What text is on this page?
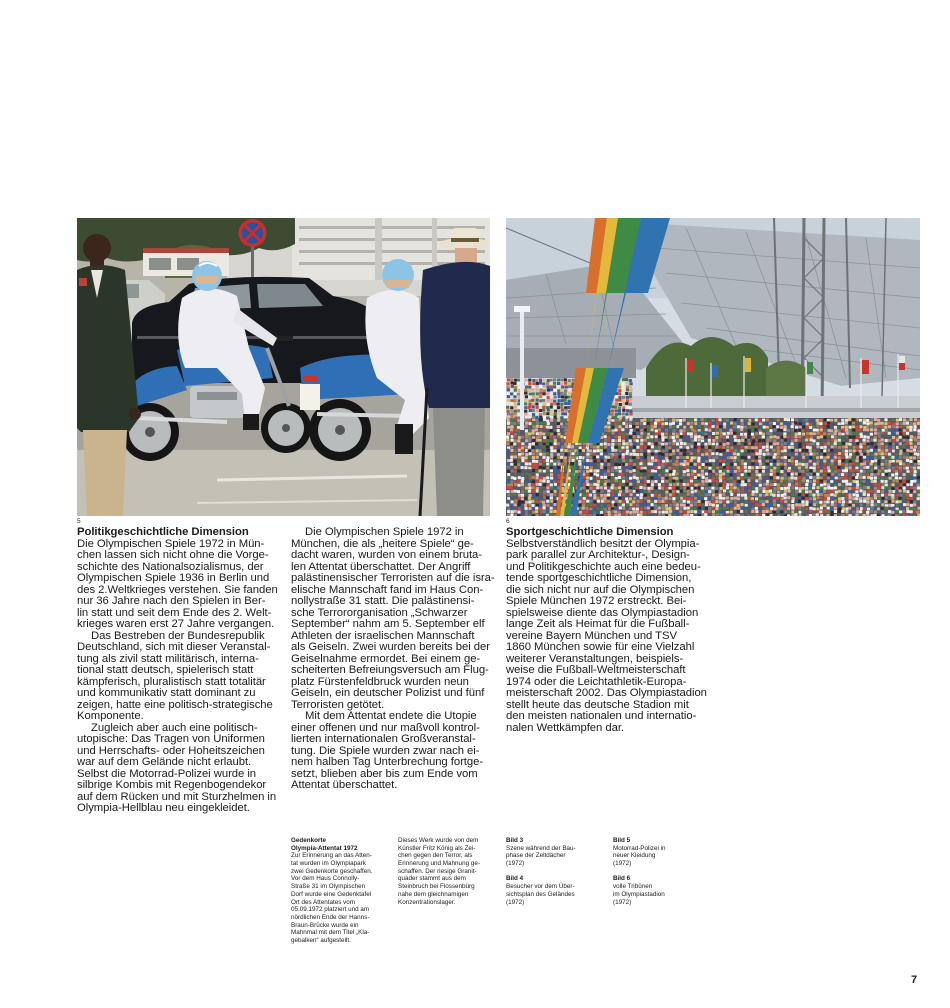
5	6
Politikgeschichtliche Dimension
Die Olympischen Spiele 1972 in Mün-
chen lassen sich nicht ohne die Vorge-
schichte des Nationalsozialismus, der
Olympischen Spiele 1936 in Berlin und
des 2.Weltkrieges verstehen. Sie fanden
nur 36 Jahre nach den Spielen in Ber-
lin statt und seit dem Ende des 2. Welt-
krieges waren erst 27 Jahre vergangen.
Das Bestreben der Bundesrepublik
Deutschland, sich mit dieser Veranstal-
tung als zivil statt militärisch, interna-
tional statt deutsch, spielerisch statt
kämpferisch, pluralistisch statt totalitär
und kommunikativ statt dominant zu
zeigen, hatte eine politisch-strategische
Komponente.
Zugleich aber auch eine politisch-
utopische: Das Tragen von Uniformen
und Herrschafts- oder Hoheitszeichen
war auf dem Gelände nicht erlaubt.
Selbst die Motorrad-Polizei wurde in
silbrige Kombis mit Regenbogendekor
auf dem Rücken und mit Sturzhelmen in
Olympia-Hellblau neu eingekleidet.
Die Olympischen Spiele 1972 in
München, die als „heitere Spiele“ ge-
dacht waren, wurden von einem bruta-
len Attentat überschattet. Der Angriff
palästinensischer Terroristen auf die isra-
elische Mannschaft fand im Haus Con-
nollystraße 31 statt. Die palästinensi-
sche Terrororganisation „Schwarzer
September“ nahm am 5. September elf
Athleten der israelischen Mannschaft
als Geiseln. Zwei wurden bereits bei der
Geiselnahme ermordet. Bei einem ge-
scheiterten Befreiungsversuch am Flug-
platz Fürstenfeldbruck wurden neun
Geiseln, ein deutscher Polizist und fünf
Terroristen getötet.
Mit dem Attentat endete die Utopie
einer offenen und nur maßvoll kontrol-
lierten internationalen Großveranstal-
tung. Die Spiele wurden zwar nach ei-
nem halben Tag Unterbrechung fortge-
setzt, blieben aber bis zum Ende vom
Attentat überschattet.
Sportgeschichtliche Dimension
Selbstverständlich besitzt der Olympia-
park parallel zur Architektur-, Design-
und Politikgeschichte auch eine bedeu-
tende sportgeschichtliche Dimension,
die sich nicht nur auf die Olympischen
Spiele München 1972 erstreckt. Bei-
spielsweise diente das Olympiastadion
lange Zeit als Heimat für die Fußball-
vereine Bayern München und TSV
1860 München sowie für eine Vielzahl
weiterer Veranstaltungen, beispiels-
weise die Fußball-Weltmeisterschaft
1974 oder die Leichtathletik-Europa-
meisterschaft 2002. Das Olympiastadion
stellt heute das deutsche Stadion mit
den meisten nationalen und internatio-
nalen Wettkämpfen dar.
Gedenkorte
Olympia-Attentat 1972
Zur Erinnerung an das Atten-
tat wurden im Olympiapark
zwei Gedenkorte geschaffen.
Vor dem Haus Connolly-
Straße 31 im Olympischen
Dorf wurde eine Gedenktafel
Ort des Attentates vom
05.09.1972 platziert und am
nördlichen Ende der Hanns-
Braun-Brücke wurde ein
Mahnmal mit dem Titel „Kla-
gebalken“ aufgestellt.
Dieses Werk wurde von dem
Künstler Fritz König als Zei-
chen gegen den Terror, als
Erinnerung und Mahnung ge-
schaffen. Der riesige Granit-
quader stammt aus dem
Steinbruch bei Flossenbürg
nahe dem gleichnamigen
Konzentrationslager.
Bild 3
Szene während der Bau-
phase der Zeltdächer
(1972)
Bild 4
Besucher vor dem Über-
sichtsplan des Geländes
(1972)
Bild 5
Motorrad-Polizei in
neuer Kleidung
(1972)
Bild 6
volle Tribünen
im Olympiastadion
(1972)
7
